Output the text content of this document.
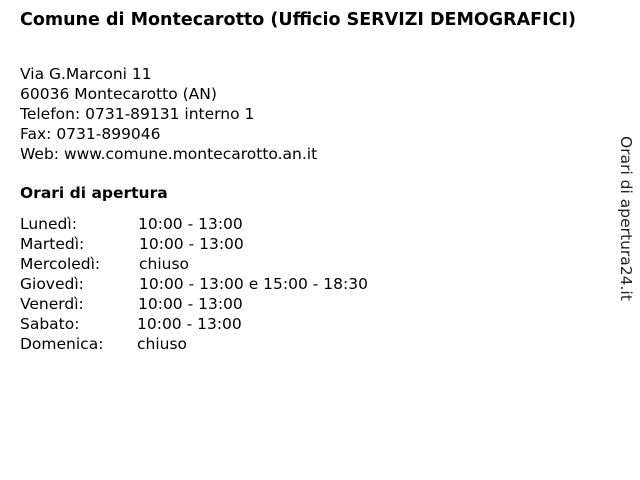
Comune di Montecarotto (Ufficio SERVIZI DEMOGRAFICI)
Via G.Marconi 11
60036 Montecarotto (AN)
Telefon: 0731-89131 interno 1
Fax: 0731-899046
Web: www.comune.montecarotto.an.it
Orari di apertura
Lunedì:	10:00 - 13:00
Martedì:	10:00 - 13:00
Mercoledì:	chiuso
Giovedì:	10:00 - 13:00 e 15:00 - 18:30
Venerdì:	10:00 - 13:00
Sabato:	10:00 - 13:00
Domenica: chiuso
Orari di apertura24.it
